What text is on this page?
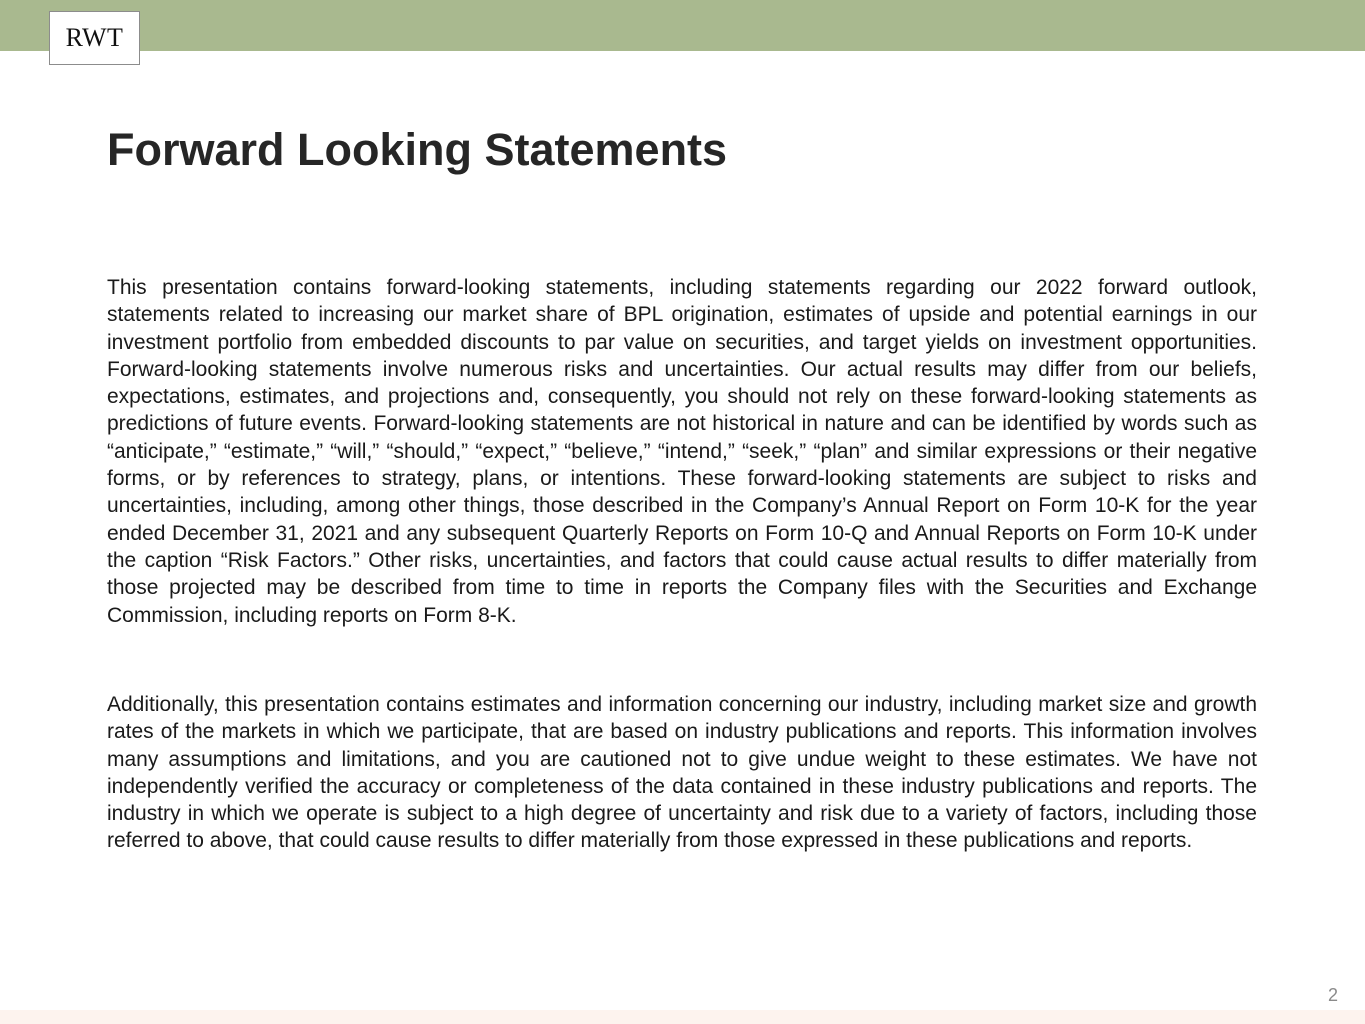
RWT
Forward Looking Statements

This presentation contains forward-looking statements, including statements regarding our 2022 forward outlook, statements related to increasing our market share of BPL origination, estimates of upside and potential earnings in our investment portfolio from embedded discounts to par value on securities, and target yields on investment opportunities. Forward-looking statements involve numerous risks and uncertainties. Our actual results may differ from our beliefs, expectations, estimates, and projections and, consequently, you should not rely on these forward-looking statements as predictions of future events. Forward-looking statements are not historical in nature and can be identified by words such as “anticipate,” “estimate,” “will,” “should,” “expect,” “believe,” “intend,” “seek,” “plan” and similar expressions or their negative forms, or by references to strategy, plans, or intentions. These forward-looking statements are subject to risks and uncertainties, including, among other things, those described in the Company’s Annual Report on Form 10-K for the year ended December 31, 2021 and any subsequent Quarterly Reports on Form 10-Q and Annual Reports on Form 10-K under the caption “Risk Factors.” Other risks, uncertainties, and factors that could cause actual results to differ materially from those projected may be described from time to time in reports the Company files with the Securities and Exchange Commission, including reports on Form 8-K.

Additionally, this presentation contains estimates and information concerning our industry, including market size and growth rates of the markets in which we participate, that are based on industry publications and reports. This information involves many assumptions and limitations, and you are cautioned not to give undue weight to these estimates. We have not independently verified the accuracy or completeness of the data contained in these industry publications and reports. The industry in which we operate is subject to a high degree of uncertainty and risk due to a variety of factors, including those referred to above, that could cause results to differ materially from those expressed in these publications and reports.

2
